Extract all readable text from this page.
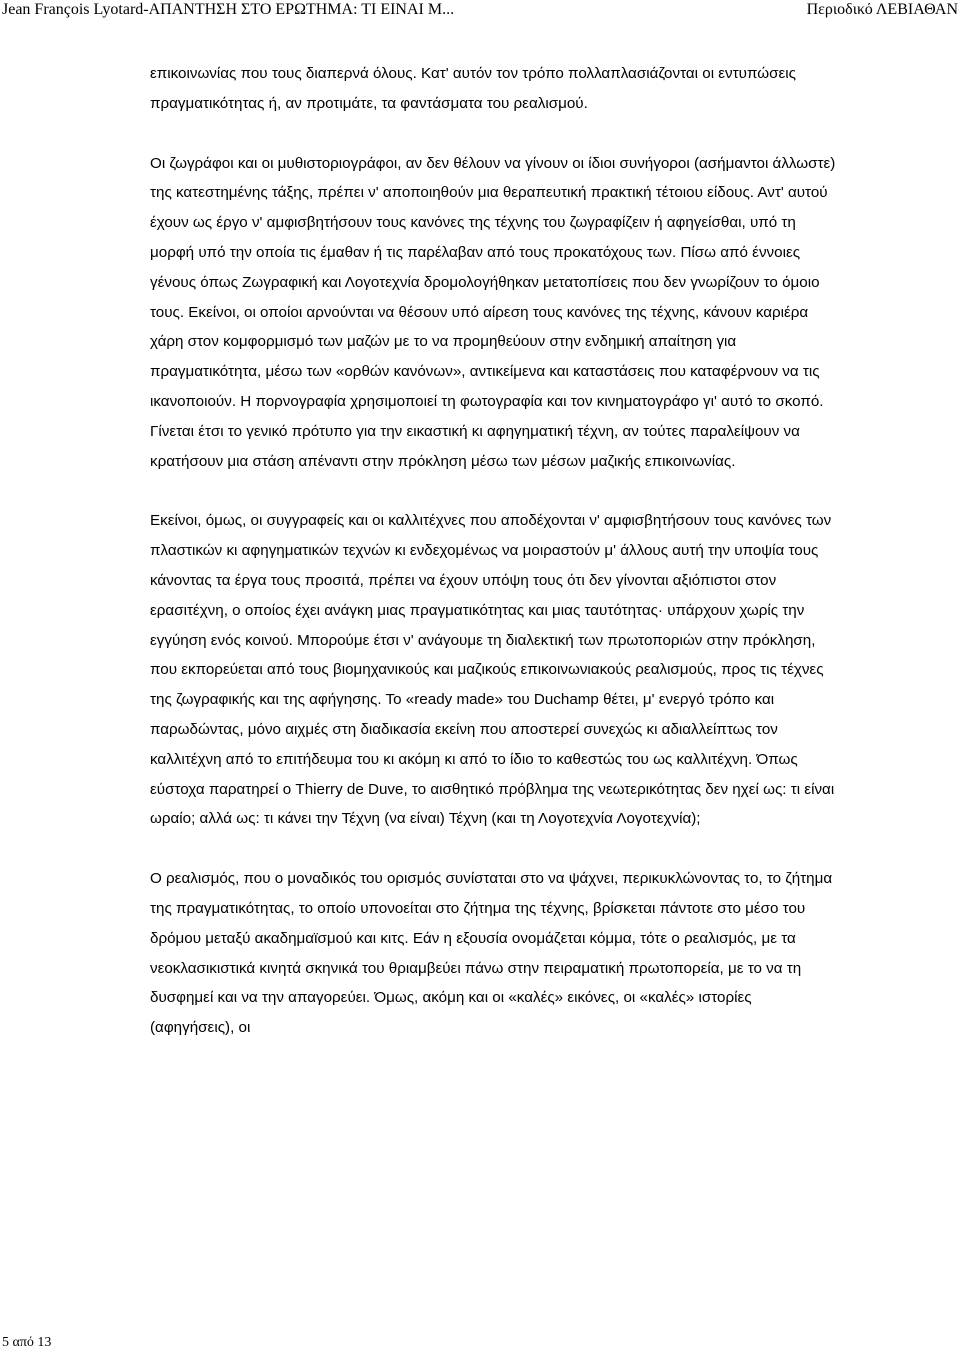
Jean François Lyotard-ΑΠΑΝΤΗΣΗ ΣΤΟ ΕΡΩΤΗΜΑ: ΤΙ ΕΙΝΑΙ Μ...	Περιοδικό ΛΕΒΙΑΘΑΝ

επικοινωνίας που τους διαπερνά όλους. Κατ' αυτόν τον τρόπο πολλαπλασιάζονται οι εντυπώσεις πραγματικότητας ή, αν προτιμάτε, τα φαντάσματα του ρεαλισμού.

Οι ζωγράφοι και οι μυθιστοριογράφοι, αν δεν θέλουν να γίνουν οι ίδιοι συνήγοροι (ασήμαντοι άλλωστε) της κατεστημένης τάξης, πρέπει ν' αποποιηθούν μια θεραπευτική πρακτική τέτοιου είδους. Αντ' αυτού έχουν ως έργο ν' αμφισβητήσουν τους κανόνες της τέχνης του ζωγραφίζειν ή αφηγείσθαι, υπό τη μορφή υπό την οποία τις έμαθαν ή τις παρέλαβαν από τους προκατόχους των. Πίσω από έννοιες γένους όπως Ζωγραφική και Λογοτεχνία δρομολογήθηκαν μετατοπίσεις που δεν γνωρίζουν το όμοιο τους. Εκείνοι, οι οποίοι αρνούνται να θέσουν υπό αίρεση τους κανόνες της τέχνης, κάνουν καριέρα χάρη στον κομφορμισμό των μαζών με το να προμηθεύουν στην ενδημική απαίτηση για πραγματικότητα, μέσω των «ορθών κανόνων», αντικείμενα και καταστάσεις που καταφέρνουν να τις ικανοποιούν. Η πορνογραφία χρησιμοποιεί τη φωτογραφία και τον κινηματογράφο γι' αυτό το σκοπό. Γίνεται έτσι το γενικό πρότυπο για την εικαστική κι αφηγηματική τέχνη, αν τούτες παραλείψουν να κρατήσουν μια στάση απέναντι στην πρόκληση μέσω των μέσων μαζικής επικοινωνίας.

Εκείνοι, όμως, οι συγγραφείς και οι καλλιτέχνες που αποδέχονται ν' αμφισβητήσουν τους κανόνες των πλαστικών κι αφηγηματικών τεχνών κι ενδεχομένως να μοιραστούν μ' άλλους αυτή την υποψία τους κάνοντας τα έργα τους προσιτά, πρέπει να έχουν υπόψη τους ότι δεν γίνονται αξιόπιστοι στον ερασιτέχνη, ο οποίος έχει ανάγκη μιας πραγματικότητας και μιας ταυτότητας· υπάρχουν χωρίς την εγγύηση ενός κοινού. Μπορούμε έτσι ν' ανάγουμε τη διαλεκτική των πρωτοποριών στην πρόκληση, που εκπορεύεται από τους βιομηχανικούς και μαζικούς επικοινωνιακούς ρεαλισμούς, προς τις τέχνες της ζωγραφικής και της αφήγησης. Το «ready made» του Duchamp θέτει, μ' ενεργό τρόπο και παρωδώντας, μόνο αιχμές στη διαδικασία εκείνη που αποστερεί συνεχώς κι αδιαλλείπτως τον καλλιτέχνη από το επιτήδευμα του κι ακόμη κι από το ίδιο το καθεστώς του ως καλλιτέχνη. Όπως εύστοχα παρατηρεί ο Thierry de Duve, το αισθητικό πρόβλημα της νεωτερικότητας δεν ηχεί ως: τι είναι ωραίο; αλλά ως: τι κάνει την Τέχνη (να είναι) Τέχνη (και τη Λογοτεχνία Λογοτεχνία);

Ο ρεαλισμός, που ο μοναδικός του ορισμός συνίσταται στο να ψάχνει, περικυκλώνοντας το, το ζήτημα της πραγματικότητας, το οποίο υπονοείται στο ζήτημα της τέχνης, βρίσκεται πάντοτε στο μέσο του δρόμου μεταξύ ακαδημαϊσμού και κιτς. Εάν η εξουσία ονομάζεται κόμμα, τότε ο ρεαλισμός, με τα νεοκλασικιστικά κινητά σκηνικά του θριαμβεύει πάνω στην πειραματική πρωτοπορεία, με το να τη δυσφημεί και να την απαγορεύει. Όμως, ακόμη και οι «καλές» εικόνες, οι «καλές» ιστορίες (αφηγήσεις), οι

5 από 13
